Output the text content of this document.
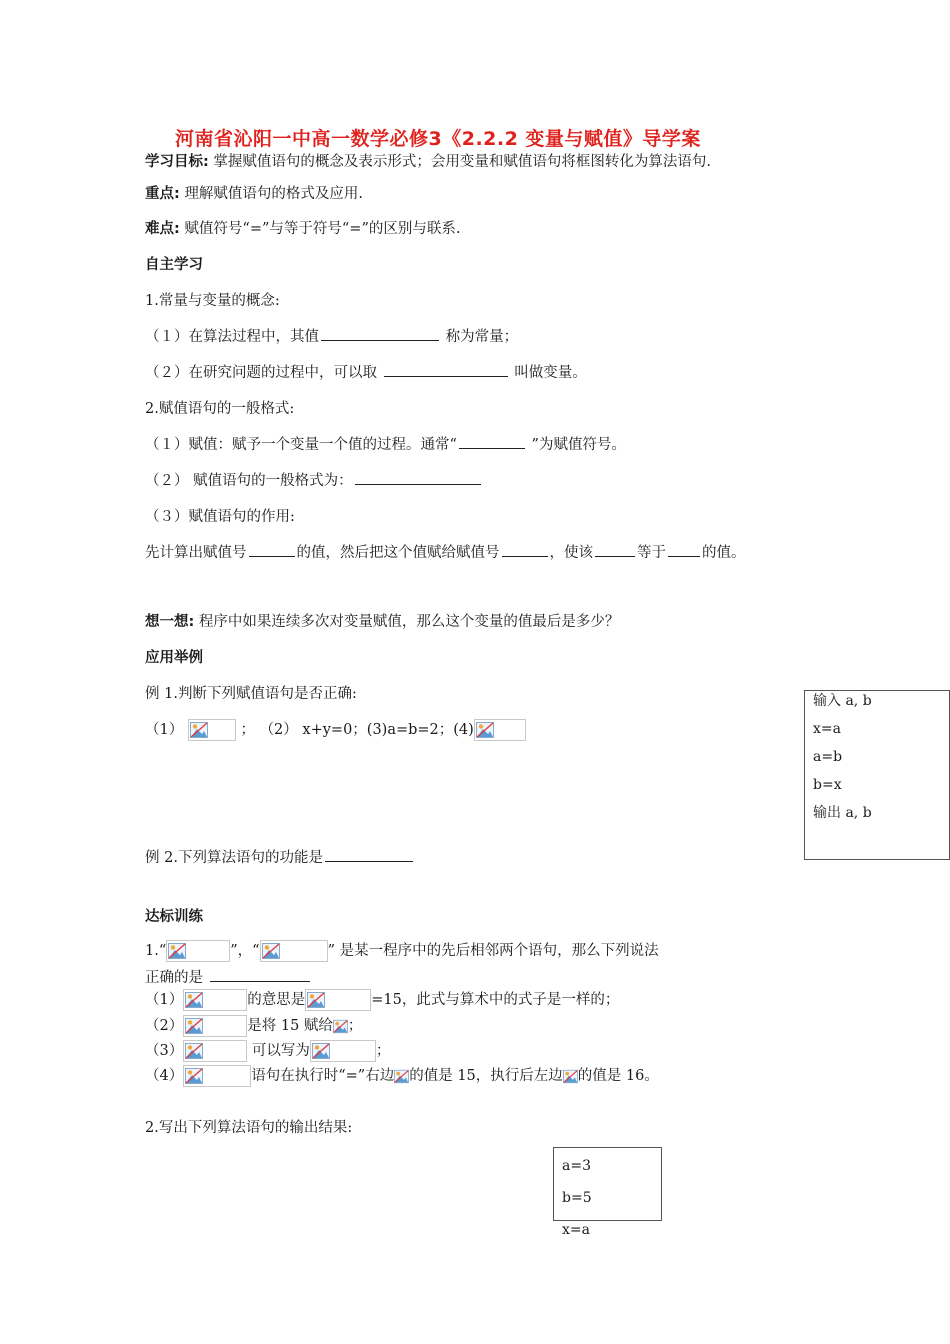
河南省沁阳一中高一数学必修3《2.2.2 变量与赋值》导学案
学习目标: 掌握赋值语句的概念及表示形式；会用变量和赋值语句将框图转化为算法语句.
重点: 理解赋值语句的格式及应用.
难点: 赋值符号“=”与等于符号“=”的区别与联系.
自主学习
1.常量与变量的概念:
（１）在算法过程中，其值	称为常量；
（２）在研究问题的过程中，可以取	叫做变量。
2.赋值语句的一般格式:
（１）赋值：赋予一个变量一个值的过程。通常“	”为赋值符号。
（２） 赋值语句的一般格式为：
（３）赋值语句的作用:
先计算出赋值号	的值，然后把这个值赋给赋值号	，使该	等于 的值。
想一想: 程序中如果连续多次对变量赋值，那么这个变量的值最后是多少？
应用举例
例 1.判断下列赋值语句是否正确:
（1）	； （2） x+y=0；(3)a=b=2；(4)
输入 a, b
x=a
a=b
b=x
输出 a, b
例 2.下列算法语句的功能是
达标训练
1.“	”，“	” 是某一程序中的先后相邻两个语句，那么下列说法
正确的是
（1）	的意思是	=15，此式与算术中的式子是一样的；
（2）	是将 15 赋给 ；
（3）	可以写为	；
（4）	语句在执行时“=”右边 的值是 15，执行后左边 的值是 16。
2.写出下列算法语句的输出结果:
a=3
b=5
x=a
